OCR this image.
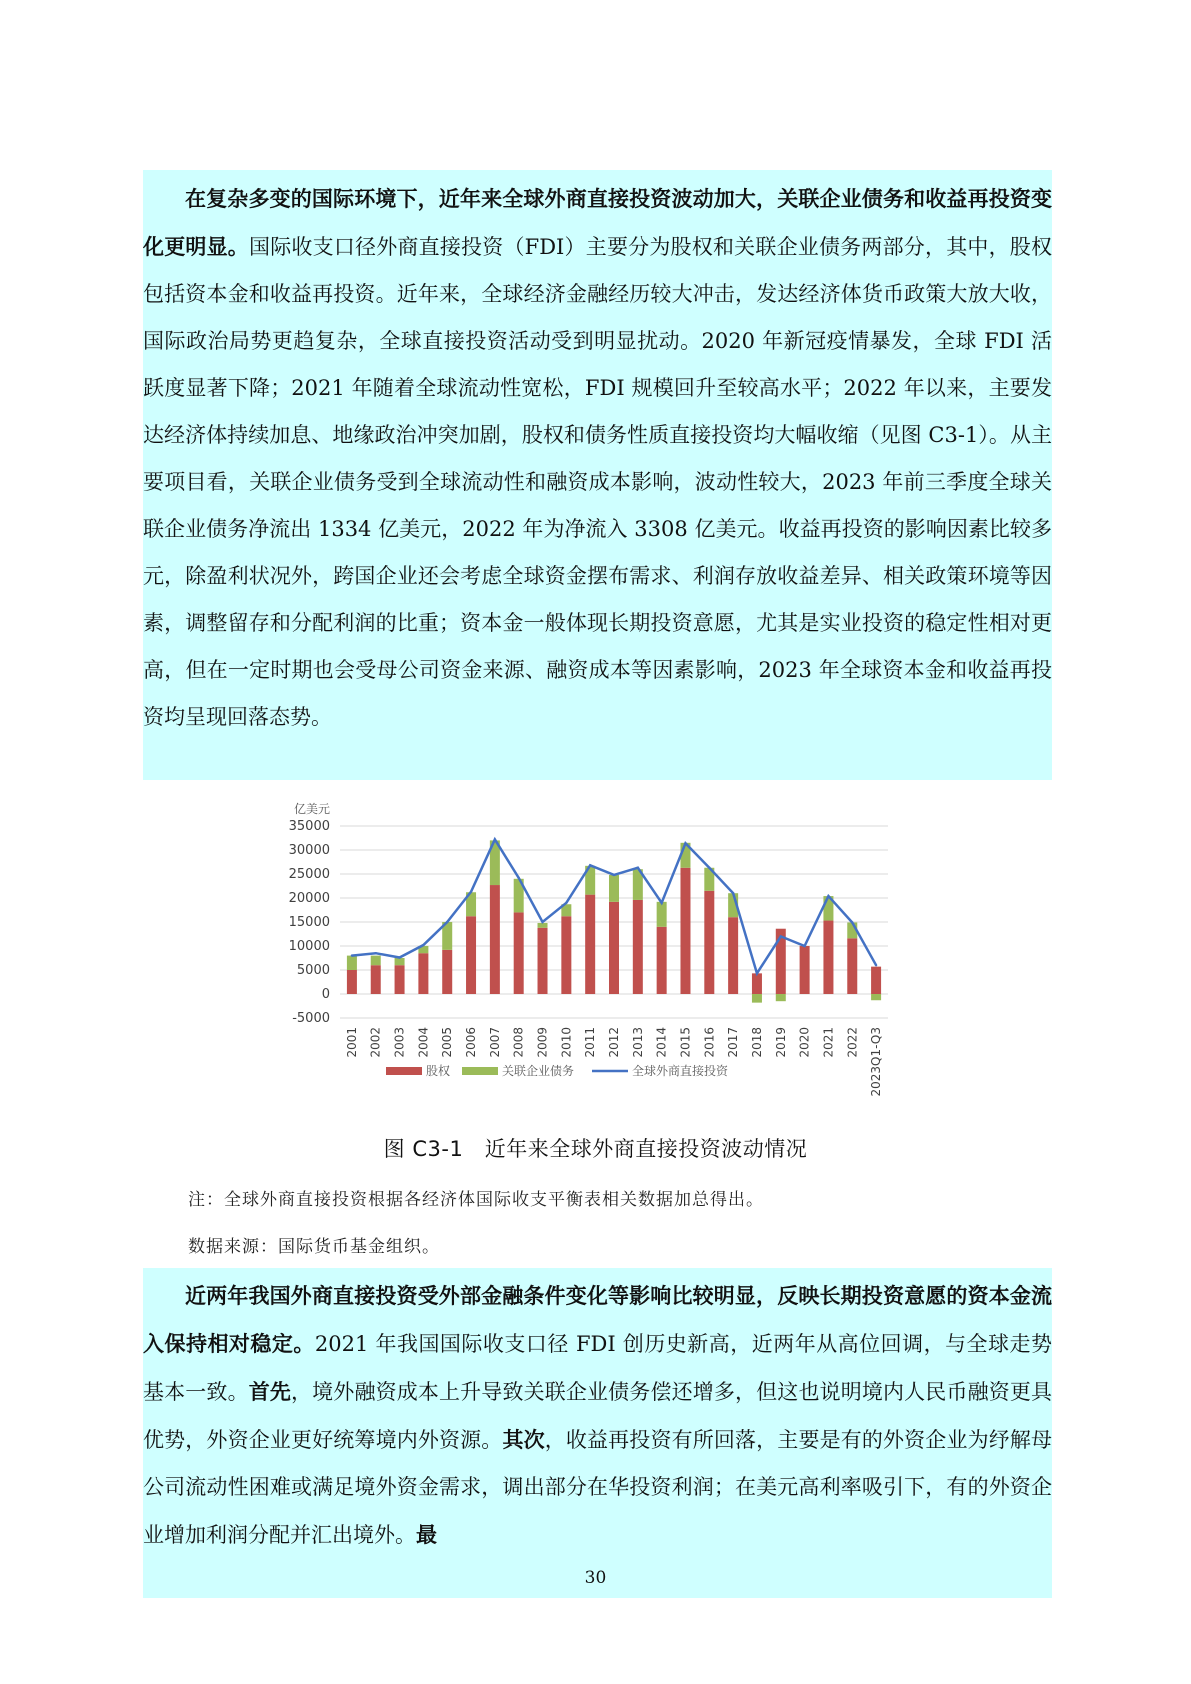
在复杂多变的国际环境下，近年来全球外商直接投资波动加大，关联企业债务和收益再投资变化更明显。国际收支口径外商直接投资（FDI）主要分为股权和关联企业债务两部分，其中，股权包括资本金和收益再投资。近年来，全球经济金融经历较大冲击，发达经济体货币政策大放大收，国际政治局势更趋复杂，全球直接投资活动受到明显扰动。2020 年新冠疫情暴发，全球 FDI 活跃度显著下降；2021 年随着全球流动性宽松，FDI 规模回升至较高水平；2022 年以来，主要发达经济体持续加息、地缘政治冲突加剧，股权和债务性质直接投资均大幅收缩（见图 C3-1）。从主要项目看，关联企业债务受到全球流动性和融资成本影响，波动性较大，2023 年前三季度全球关联企业债务净流出 1334 亿美元，2022 年为净流入 3308 亿美元。收益再投资的影响因素比较多元，除盈利状况外，跨国企业还会考虑全球资金摆布需求、利润存放收益差异、相关政策环境等因素，调整留存和分配利润的比重；资本金一般体现长期投资意愿，尤其是实业投资的稳定性相对更高，但在一定时期也会受母公司资金来源、融资成本等因素影响，2023 年全球资本金和收益再投资均呈现回落态势。

35000
30000
25000
20000
15000
10000
5000
0
-5000
亿美元
2001 2002 2003 2004 2005 2006 2007 2008 2009 2010 2011 2012 2013 2014 2015 2016 2017 2018 2019 2020 2021 2022 2023Q1-Q3
股权	关联企业债务	全球外商直接投资
图 C3-1　近年来全球外商直接投资波动情况
注：全球外商直接投资根据各经济体国际收支平衡表相关数据加总得出。
数据来源：国际货币基金组织。

近两年我国外商直接投资受外部金融条件变化等影响比较明显，反映长期投资意愿的资本金流入保持相对稳定。2021 年我国国际收支口径 FDI 创历史新高，近两年从高位回调，与全球走势基本一致。首先，境外融资成本上升导致关联企业债务偿还增多，但这也说明境内人民币融资更具优势，外资企业更好统筹境内外资源。其次，收益再投资有所回落，主要是有的外资企业为纾解母公司流动性困难或满足境外资金需求，调出部分在华投资利润；在美元高利率吸引下，有的外资企业增加利润分配并汇出境外。最

30
